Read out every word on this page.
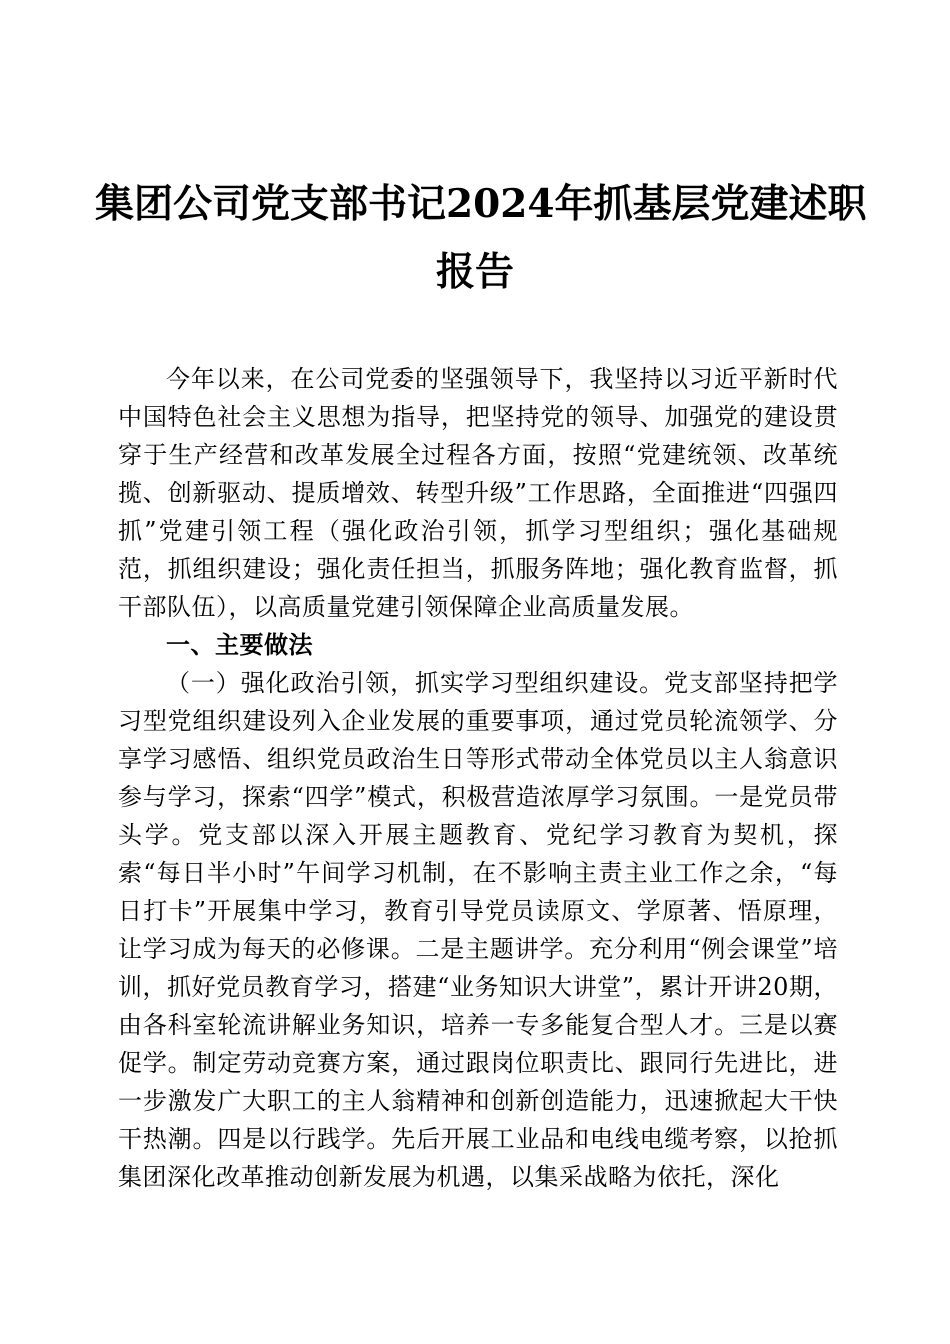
集团公司党支部书记2024年抓基层党建述职
报告

今年以来，在公司党委的坚强领导下，我坚持以习近平新时代中国特色社会主义思想为指导，把坚持党的领导、加强党的建设贯穿于生产经营和改革发展全过程各方面，按照“党建统领、改革统揽、创新驱动、提质增效、转型升级”工作思路，全面推进“四强四抓”党建引领工程（强化政治引领，抓学习型组织；强化基础规范，抓组织建设；强化责任担当，抓服务阵地；强化教育监督，抓干部队伍），以高质量党建引领保障企业高质量发展。

一、主要做法

（一）强化政治引领，抓实学习型组织建设。党支部坚持把学习型党组织建设列入企业发展的重要事项，通过党员轮流领学、分享学习感悟、组织党员政治生日等形式带动全体党员以主人翁意识参与学习，探索“四学”模式，积极营造浓厚学习氛围。一是党员带头学。党支部以深入开展主题教育、党纪学习教育为契机，探索“每日半小时”午间学习机制，在不影响主责主业工作之余，“每日打卡”开展集中学习，教育引导党员读原文、学原著、悟原理，让学习成为每天的必修课。二是主题讲学。充分利用“例会课堂”培训，抓好党员教育学习，搭建“业务知识大讲堂”，累计开讲20期，由各科室轮流讲解业务知识，培养一专多能复合型人才。三是以赛促学。制定劳动竞赛方案，通过跟岗位职责比、跟同行先进比，进一步激发广大职工的主人翁精神和创新创造能力，迅速掀起大干快干热潮。四是以行践学。先后开展工业品和电线电缆考察，以抢抓集团深化改革推动创新发展为机遇，以集采战略为依托，深化
